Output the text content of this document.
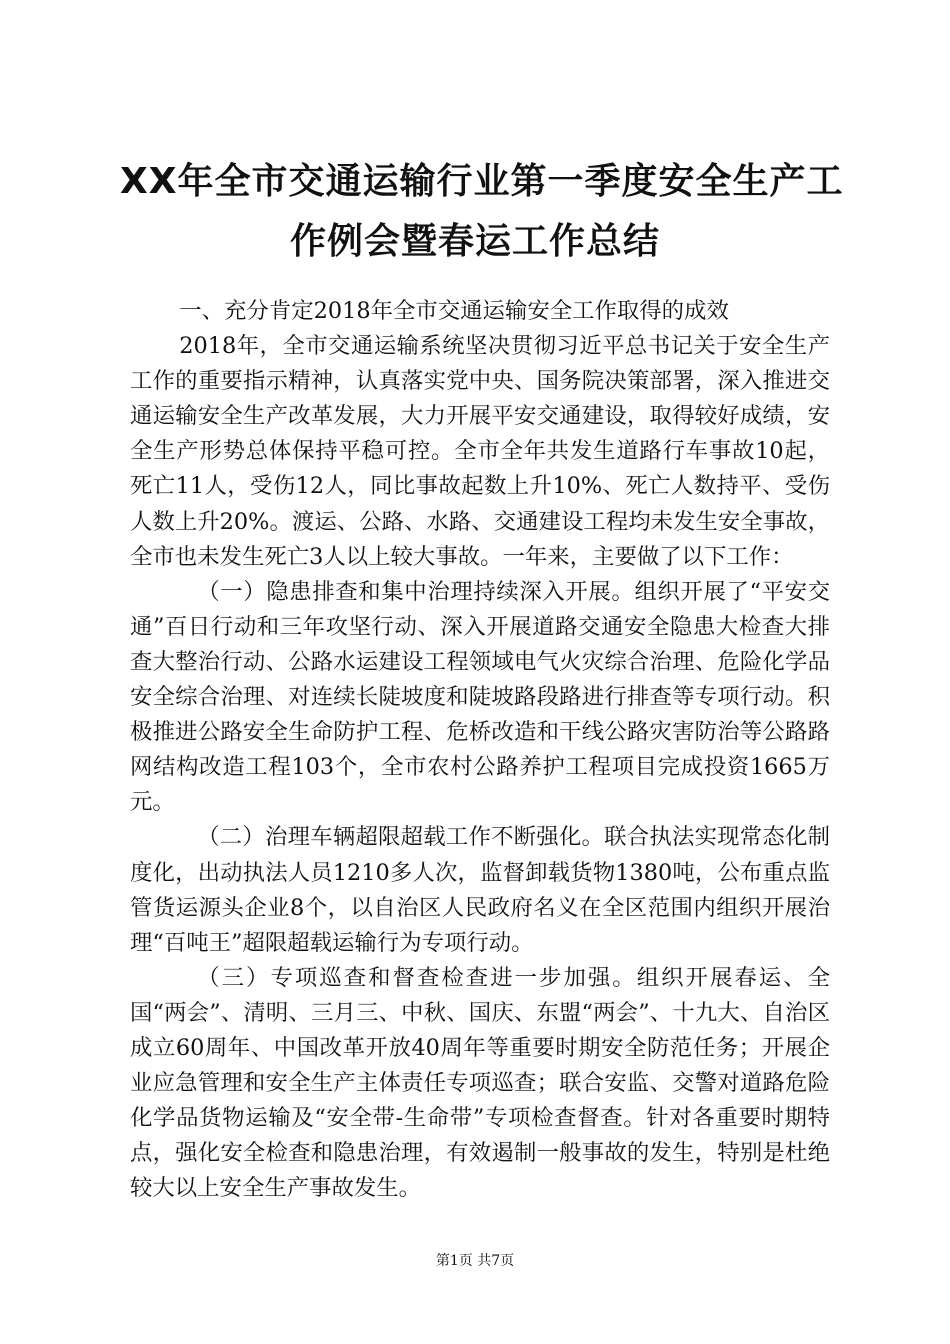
XX年全市交通运输行业第一季度安全生产工
作例会暨春运工作总结

一、充分肯定2018年全市交通运输安全工作取得的成效

2018年，全市交通运输系统坚决贯彻习近平总书记关于安全生产工作的重要指示精神，认真落实党中央、国务院决策部署，深入推进交通运输安全生产改革发展，大力开展平安交通建设，取得较好成绩，安全生产形势总体保持平稳可控。全市全年共发生道路行车事故10起，死亡11人，受伤12人，同比事故起数上升10%、死亡人数持平、受伤人数上升20%。渡运、公路、水路、交通建设工程均未发生安全事故，全市也未发生死亡3人以上较大事故。一年来，主要做了以下工作：

（一）隐患排查和集中治理持续深入开展。组织开展了“平安交通”百日行动和三年攻坚行动、深入开展道路交通安全隐患大检查大排查大整治行动、公路水运建设工程领域电气火灾综合治理、危险化学品安全综合治理、对连续长陡坡度和陡坡路段路进行排查等专项行动。积极推进公路安全生命防护工程、危桥改造和干线公路灾害防治等公路路网结构改造工程103个，全市农村公路养护工程项目完成投资1665万元。

（二）治理车辆超限超载工作不断强化。联合执法实现常态化制度化，出动执法人员1210多人次，监督卸载货物1380吨，公布重点监管货运源头企业8个，以自治区人民政府名义在全区范围内组织开展治理“百吨王”超限超载运输行为专项行动。

（三）专项巡查和督查检查进一步加强。组织开展春运、全国“两会”、清明、三月三、中秋、国庆、东盟“两会”、十九大、自治区成立60周年、中国改革开放40周年等重要时期安全防范任务；开展企业应急管理和安全生产主体责任专项巡查；联合安监、交警对道路危险化学品货物运输及“安全带-生命带”专项检查督查。针对各重要时期特点，强化安全检查和隐患治理，有效遏制一般事故的发生，特别是杜绝较大以上安全生产事故发生。

第1页 共7页
